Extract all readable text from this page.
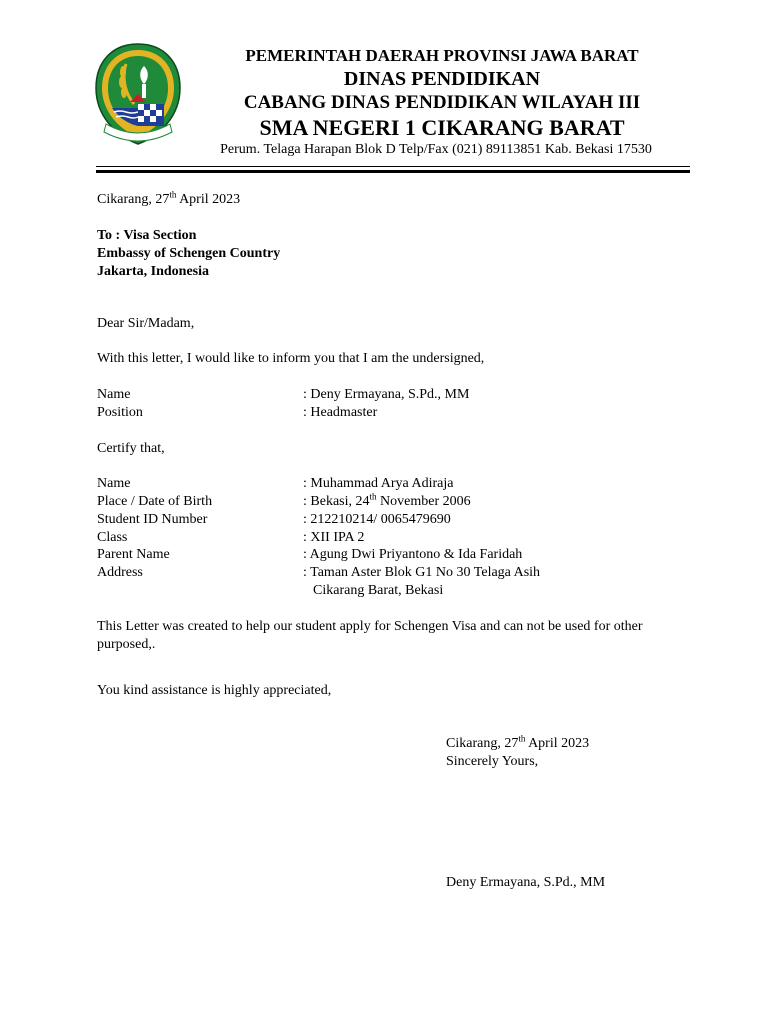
PEMERINTAH DAERAH PROVINSI JAWA BARAT
DINAS PENDIDIKAN
CABANG DINAS PENDIDIKAN WILAYAH III
SMA NEGERI 1 CIKARANG BARAT
Perum. Telaga Harapan Blok D Telp/Fax (021) 89113851 Kab. Bekasi 17530
Cikarang, 27th April 2023
To : Visa Section
Embassy of Schengen Country
Jakarta, Indonesia
Dear Sir/Madam,
With this letter, I would like to inform you that I am the undersigned,
Name	: Deny Ermayana, S.Pd., MM
Position	: Headmaster
Certify that,
Name	: Muhammad Arya Adiraja
Place / Date of Birth	: Bekasi, 24th November 2006
Student ID Number	: 212210214/ 0065479690
Class	: XII IPA 2
Parent Name	: Agung Dwi Priyantono & Ida Faridah
Address	: Taman Aster Blok G1 No 30 Telaga Asih
Cikarang Barat, Bekasi
This Letter was created to help our student apply for Schengen Visa and can not be used for other
purposed,.
You kind assistance is highly appreciated,
Cikarang, 27th April 2023
Sincerely Yours,
Deny Ermayana, S.Pd., MM
